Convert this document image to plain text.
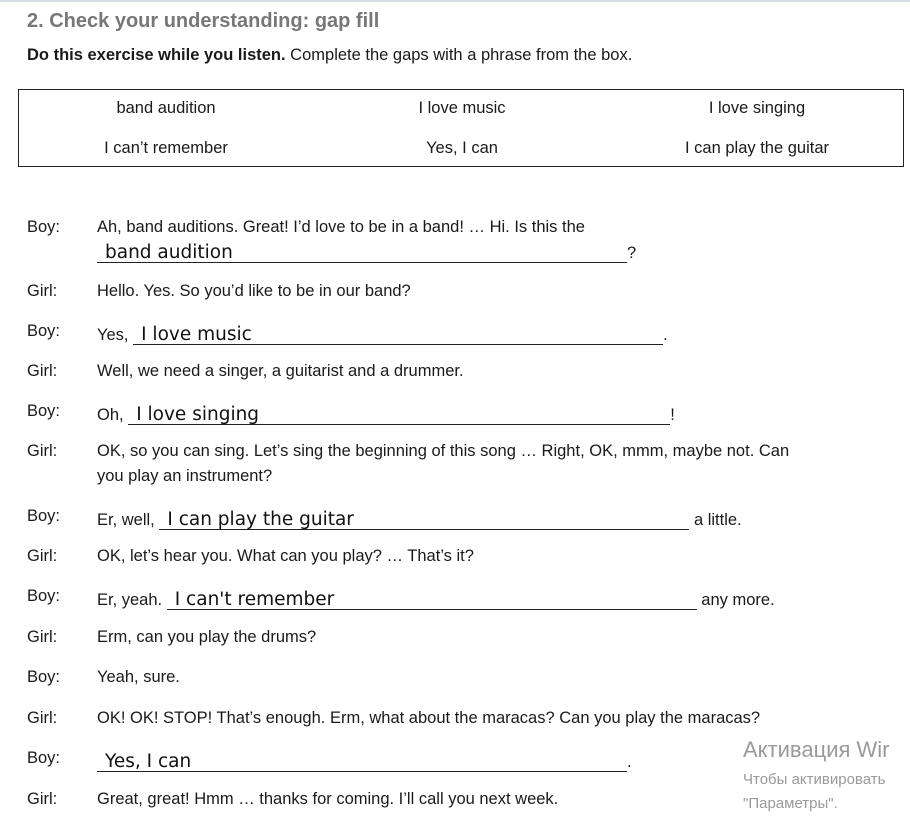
2. Check your understanding: gap fill
Do this exercise while you listen. Complete the gaps with a phrase from the box.
band audition	I love music	I love singing
I can’t remember	Yes, I can	I can play the guitar
Boy: Ah, band auditions. Great! I’d love to be in a band! … Hi. Is this the
band audition	?
Girl: Hello. Yes. So you’d like to be in our band?
Boy: Yes, I love music	.
Girl: Well, we need a singer, a guitarist and a drummer.
Boy: Oh, I love singing	!
Girl: OK, so you can sing. Let’s sing the beginning of this song … Right, OK, mmm, maybe not. Can
you play an instrument?
Boy: Er, well, I can play the guitar	a little.
Girl: OK, let’s hear you. What can you play? … That’s it?
Boy: Er, yeah. I can't remember	any more.
Girl: Erm, can you play the drums?
Boy: Yeah, sure.
Girl: OK! OK! STOP! That’s enough. Erm, what about the maracas? Can you play the maracas?
Boy: Yes, I can	.
Girl: Great, great! Hmm … thanks for coming. I’ll call you next week.
Активация Wir
Чтобы активировать
"Параметры".
